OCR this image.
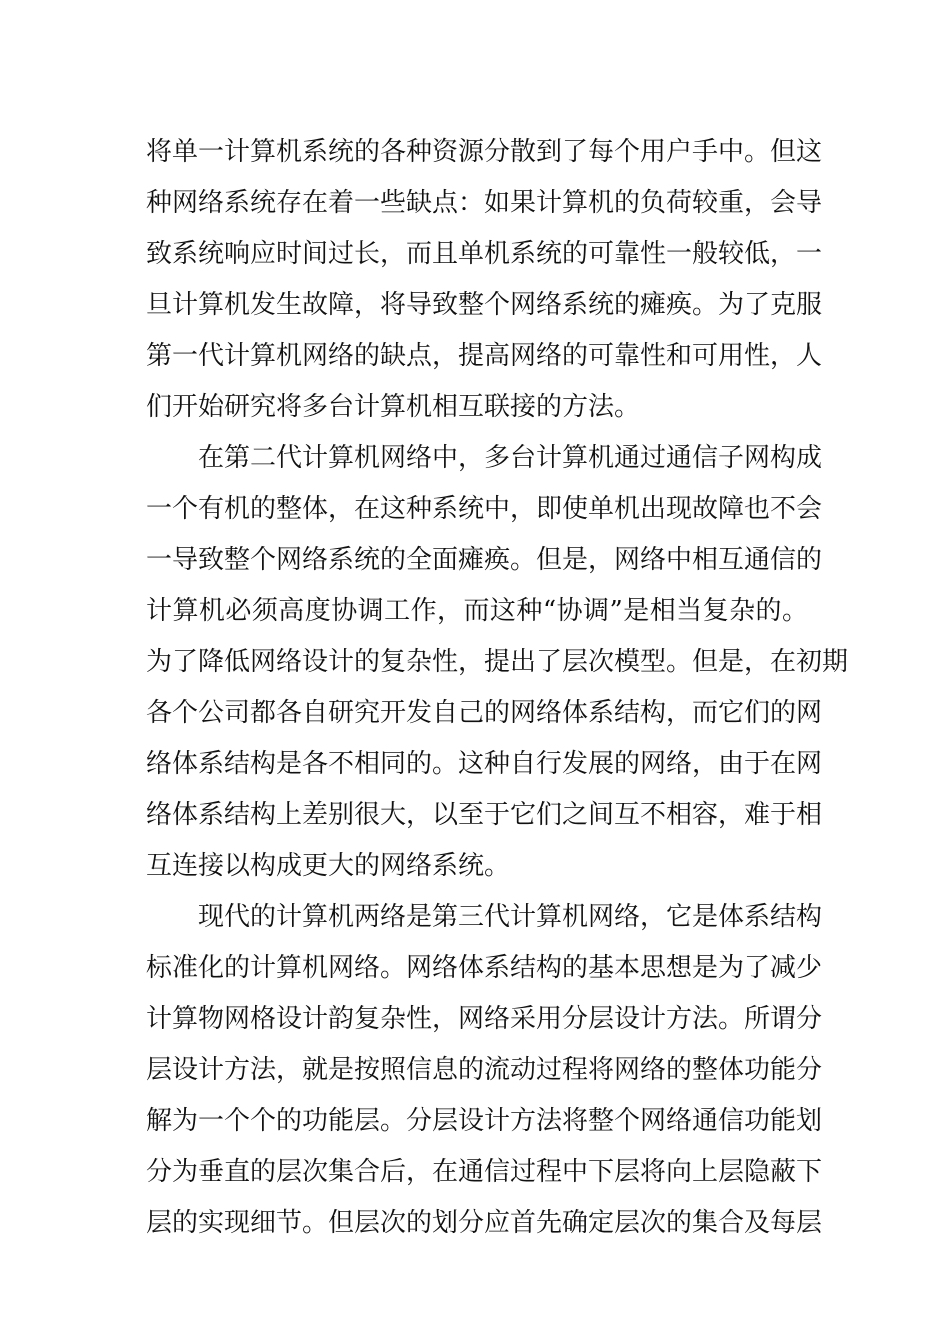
将单一计算机系统的各种资源分散到了每个用户手中。但这
种网络系统存在着一些缺点：如果计算机的负荷较重，会导
致系统响应时间过长，而且单机系统的可靠性一般较低，一
旦计算机发生故障，将导致整个网络系统的瘫痪。为了克服
第一代计算机网络的缺点，提高网络的可靠性和可用性，人
们开始研究将多台计算机相互联接的方法。
在第二代计算机网络中，多台计算机通过通信子网构成
一个有机的整体，在这种系统中，即使单机出现故障也不会
一导致整个网络系统的全面瘫痪。但是，网络中相互通信的
计算机必须高度协调工作，而这种“协调”是相当复杂的。
为了降低网络设计的复杂性，提出了层次模型。但是，在初期
各个公司都各自研究开发自己的网络体系结构，而它们的网
络体系结构是各不相同的。这种自行发展的网络，由于在网
络体系结构上差别很大，以至于它们之间互不相容，难于相
互连接以构成更大的网络系统。
现代的计算机两络是第三代计算机网络，它是体系结构
标准化的计算机网络。网络体系结构的基本思想是为了减少
计算物网格设计韵复杂性，网络采用分层设计方法。所谓分
层设计方法，就是按照信息的流动过程将网络的整体功能分
解为一个个的功能层。分层设计方法将整个网络通信功能划
分为垂直的层次集合后，在通信过程中下层将向上层隐蔽下
层的实现细节。但层次的划分应首先确定层次的集合及每层
